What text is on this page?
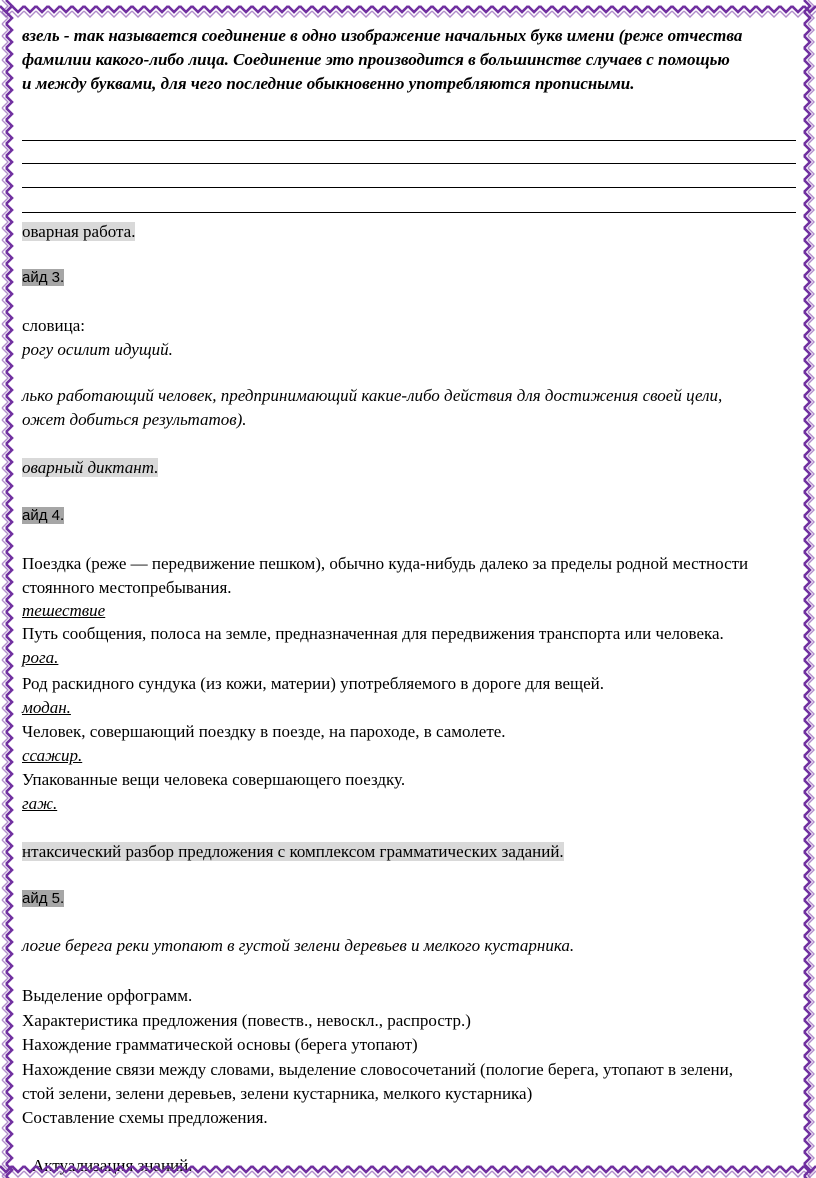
взель - так называется соединение в одно изображение начальных букв имени (реже отчества
фамилии какого-либо лица. Соединение это производится в большинстве случаев с помощью
и между буквами, для чего последние обыкновенно употребляются прописными.
оварная работа.
айд 3.
словица:
рогу осилит идущий.
лько работающий человек, предпринимающий какие-либо действия для достижения своей цели,
ожет добиться результатов).
оварный диктант.
айд 4.
Поездка (реже — передвижение пешком), обычно куда-нибудь далеко за пределы родной местности
стоянного местопребывания.
тешествие
Путь сообщения, полоса на земле, предназначенная для передвижения транспорта или человека.
рога.
Род раскидного сундука (из кожи, материи) употребляемого в дороге для вещей.
модан.
Человек, совершающий поездку в поезде, на пароходе, в самолете.
ссажир.
Упакованные вещи человека совершающего поездку.
гаж.
нтаксический разбор предложения с комплексом грамматических заданий.
айд 5.
логие берега реки утопают в густой зелени деревьев и мелкого кустарника.
Выделение орфограмм.
Характеристика предложения (повеств., невоскл., распростр.)
Нахождение грамматической основы (берега утопают)
Нахождение связи между словами, выделение словосочетаний (пологие берега, утопают в зелени,
стой зелени, зелени деревьев, зелени кустарника, мелкого кустарника)
Составление схемы предложения.
